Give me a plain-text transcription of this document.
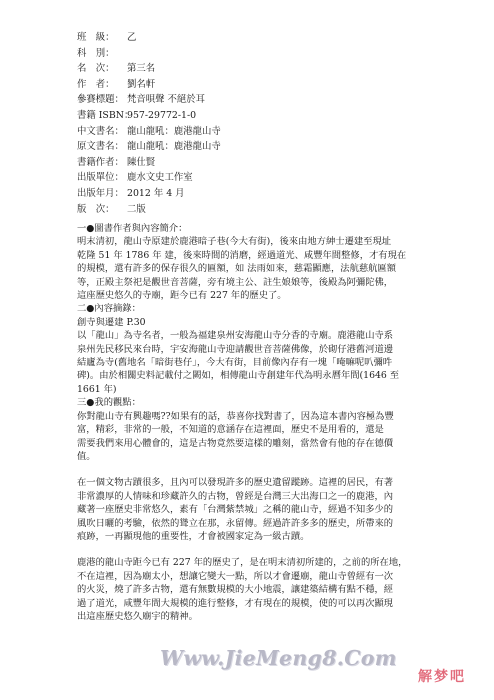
班　級：	乙
科　別：
名　次：	第三名
作　者：	劉名軒
參賽標題： 梵音唄聲 不絕於耳
書籍 ISBN：
957-29772-1-0
中文書名： 龍山龍吼：鹿港龍山寺
原文書名： 龍山龍吼：鹿港龍山寺
書籍作者： 陳仕賢
出版單位： 鹿水文史工作室
出版年月： 2012 年 4 月
版　次：	二版

一●圖書作者與內容簡介：

明末清初，龍山寺原建於鹿港暗子巷(今大有街)，後來由地方紳士遷建至現址

乾隆 51 年 1786 年 建，後來時間的消磨，經過道光、咸豐年間整修，才有現在

的規模，還有許多的保存很久的匾額，如 法雨如來，慈霜顯應，法航慈航匾額

等，正殿主祭祀是觀世音菩薩，旁有境主公、註生娘娘等，後殿為阿彌陀佛，

這座歷史悠久的寺廟，距今已有 227 年的歷史了。

二●內容摘錄：

創寺與遷建 P.30

以「龍山」為寺名者，一般為福建泉州安海龍山寺分香的寺廟。鹿港龍山寺系

泉州先民移民來台時，宇安海龍山寺迎請觀世音菩薩佛像，於砌仔港舊河道邊

結廬為寺(舊地名「暗街巷仔」，今大有街，目前像內存有一塊「唵嘛呢叭彌吽

碑)。由於相關史料記載付之闕如，相傳龍山寺創建年代為明永曆年間(1646 至

1661 年)

三●我的觀點：

你對龍山寺有興趣嗎??如果有的話，恭喜你找對書了，因為這本書內容極為豐

富，精彩，非常的一般，不知道的意涵存在這裡面，歷史不是用看的，還是

需要我們來用心體會的，這是古物竟然要這樣的雕刻，當然會有他的存在德價

值。

在一個文物古蹟很多，且內可以發現許多的歷史遺留蹤跡。這裡的居民，有著

非常濃厚的人情味和珍藏許久的古物，曾經是台灣三大出海口之一的鹿港，內

藏著一座歷史非常悠久，素有「台灣紫禁城」之稱的龍山寺，經過不知多少的

風吹日曬的考驗，依然的聳立在那，永留傳。經過許許多多的歷史，所帶來的

痕跡，一再顯現他的重要性，才會被國家定為一級古蹟。

鹿港的龍山寺距今已有 227 年的歷史了，是在明末清初所建的，之前的所在地，

不在這裡，因為廟太小，想讓它變大一點，所以才會遷廟，龍山寺曾經有一次

的火災，燒了許多古物，還有無數規模的大小地震，讓建築結構有點不穩，經

過了道光，咸豐年間大規模的進行整修，才有現在的規模，使的可以再次顯現

出這座歷史悠久廟宇的精神。

Www.JieMeng8.Com
解梦吧
